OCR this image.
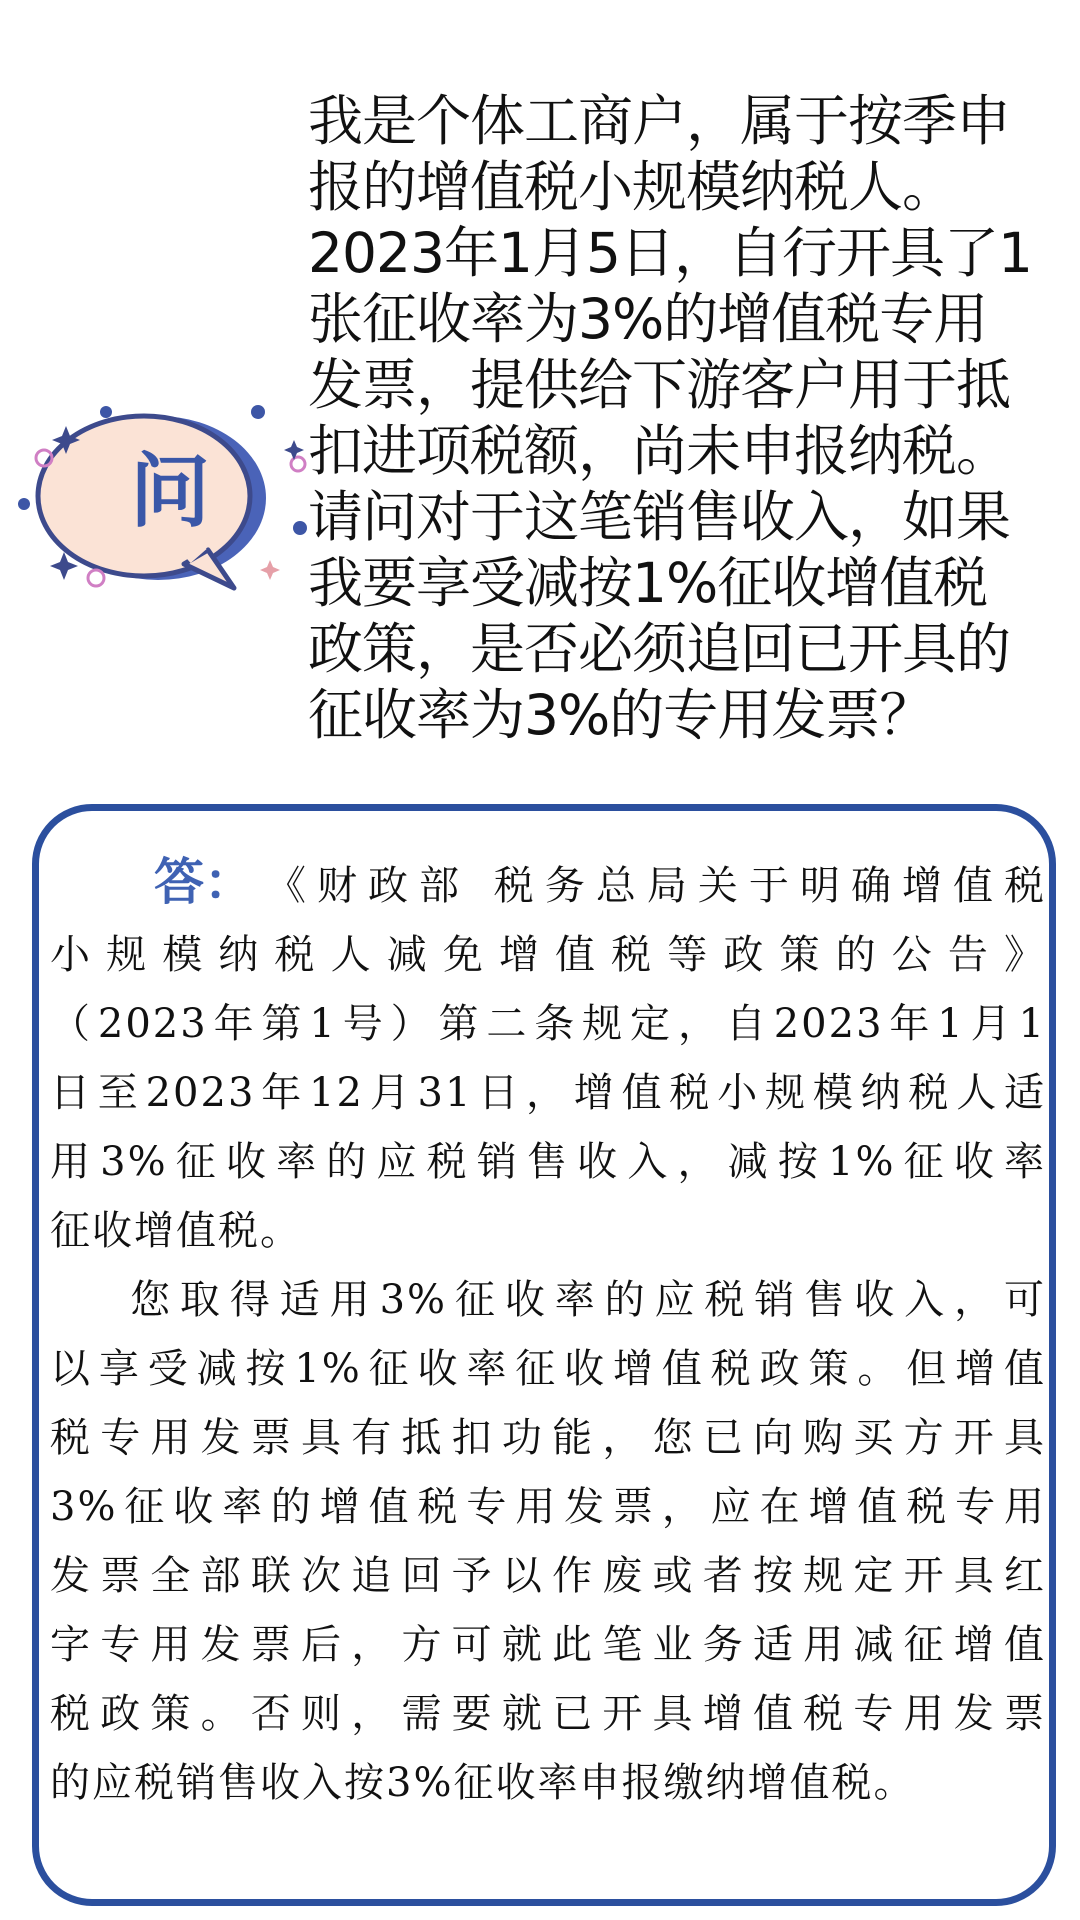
问
我是个体工商户，属于按季申
报的增值税小规模纳税人。
2023年1月5日，自行开具了1
张征收率为3%的增值税专用
发票，提供给下游客户用于抵
扣进项税额，尚未申报纳税。
请问对于这笔销售收入，如果
我要享受减按1%征收增值税
政策，是否必须追回已开具的
征收率为3%的专用发票？
答： 《财政部 税务总局关于明确增值税
小规模纳税人减免增值税等政策的公告》
（2023年第1号）第二条规定，自2023年1月1
日至2023年12月31日，增值税小规模纳税人适
用3%征收率的应税销售收入，减按1%征收率
征收增值税。
您取得适用3%征收率的应税销售收入，可
以享受减按1%征收率征收增值税政策。但增值
税专用发票具有抵扣功能，您已向购买方开具
3%征收率的增值税专用发票，应在增值税专用
发票全部联次追回予以作废或者按规定开具红
字专用发票后，方可就此笔业务适用减征增值
税政策。否则，需要就已开具增值税专用发票
的应税销售收入按3%征收率申报缴纳增值税。
